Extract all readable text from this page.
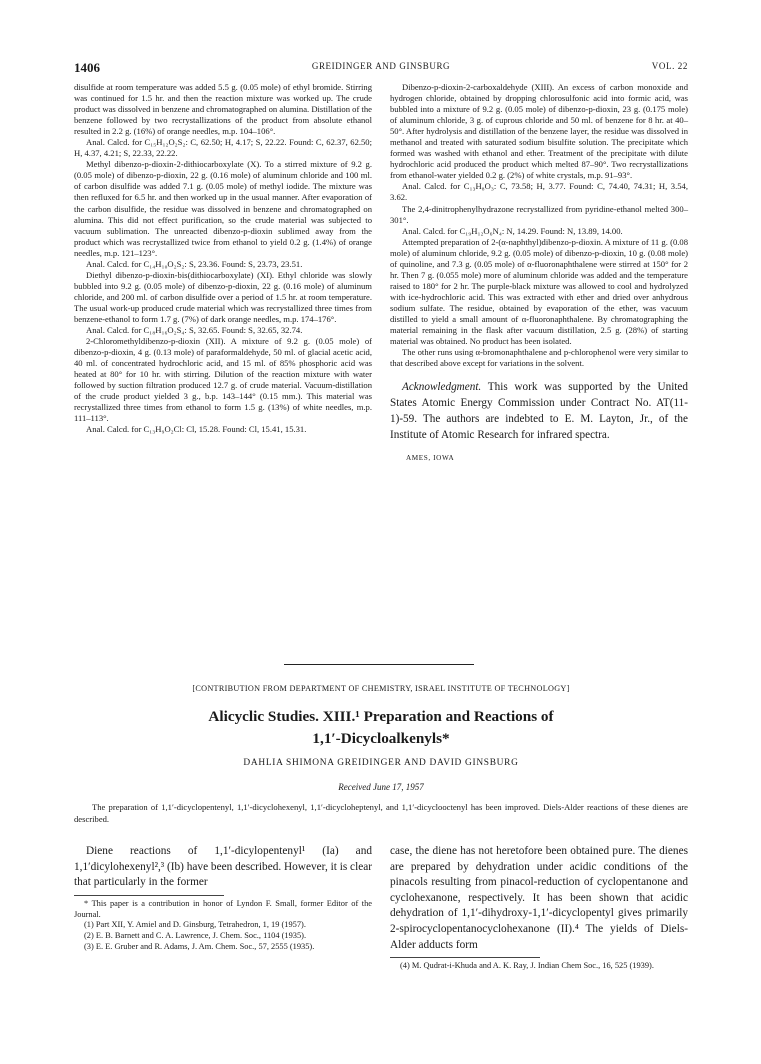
1406	GREIDINGER AND GINSBURG	VOL. 22

disulfide at room temperature was added 5.5 g. (0.05 mole) of ethyl bromide. Stirring was continued for 1.5 hr. and then the reaction mixture was worked up. The crude product was dissolved in benzene and chromatographed on alumina. Distillation of the benzene followed by two recrystallizations of the product from absolute ethanol resulted in 2.2 g. (16%) of orange needles, m.p. 104–106°.

Anal. Calcd. for C₁₅H₁₂O₂S₂: C, 62.50; H, 4.17; S, 22.22. Found: C, 62.37, 62.50; H, 4.37, 4.21; S, 22.33, 22.22.

Methyl dibenzo-p-dioxin-2-dithiocarboxylate (X). To a stirred mixture of 9.2 g. (0.05 mole) of dibenzo-p-dioxin, 22 g. (0.16 mole) of aluminum chloride and 100 ml. of carbon disulfide was added 7.1 g. (0.05 mole) of methyl iodide. The mixture was then refluxed for 6.5 hr. and then worked up in the usual manner. After evaporation of the carbon disulfide, the residue was dissolved in benzene and chromatographed on alumina. This did not effect purification, so the crude material was subjected to vacuum sublimation. The unreacted dibenzo-p-dioxin sublimed away from the product which was recrystallized twice from ethanol to yield 0.2 g. (1.4%) of orange needles, m.p. 121–123°.

Anal. Calcd. for C₁₄H₁₀O₂S₂: S, 23.36. Found: S, 23.73, 23.51.

Diethyl dibenzo-p-dioxin-bis(dithiocarboxylate) (XI). Ethyl chloride was slowly bubbled into 9.2 g. (0.05 mole) of dibenzo-p-dioxin, 22 g. (0.16 mole) of aluminum chloride, and 200 ml. of carbon disulfide over a period of 1.5 hr. at room temperature. The usual work-up produced crude material which was recrystallized three times from benzene-ethanol to form 1.7 g. (7%) of dark orange needles, m.p. 174–176°.

Anal. Calcd. for C₁₈H₁₆O₂S₄: S, 32.65. Found: S, 32.65, 32.74.

2-Chloromethyldibenzo-p-dioxin (XII). A mixture of 9.2 g. (0.05 mole) of dibenzo-p-dioxin, 4 g. (0.13 mole) of paraformaldehyde, 50 ml. of glacial acetic acid, 40 ml. of concentrated hydrochloric acid, and 15 ml. of 85% phosphoric acid was heated at 80° for 10 hr. with stirring. Dilution of the reaction mixture with water followed by suction filtration produced 12.7 g. of crude material. Vacuum-distillation of the crude product yielded 3 g., b.p. 143–144° (0.15 mm.). This material was recrystallized three times from ethanol to form 1.5 g. (13%) of white needles, m.p. 111–113°.

Anal. Calcd. for C₁₃H₉O₂Cl: Cl, 15.28. Found: Cl, 15.41, 15.31.

Dibenzo-p-dioxin-2-carboxaldehyde (XIII). An excess of carbon monoxide and hydrogen chloride, obtained by dropping chlorosulfonic acid into formic acid, was bubbled into a mixture of 9.2 g. (0.05 mole) of dibenzo-p-dioxin, 23 g. (0.175 mole) of aluminum chloride, 3 g. of cuprous chloride and 50 ml. of benzene for 8 hr. at 40–50°. After hydrolysis and distillation of the benzene layer, the residue was dissolved in methanol and treated with saturated sodium bisulfite solution. The precipitate which formed was washed with ethanol and ether. Treatment of the precipitate with dilute hydrochloric acid produced the product which melted 87–90°. Two recrystallizations from ethanol-water yielded 0.2 g. (2%) of white crystals, m.p. 91–93°.

Anal. Calcd. for C₁₃H₈O₃: C, 73.58; H, 3.77. Found: C, 74.40, 74.31; H, 3.54, 3.62.

The 2,4-dinitrophenylhydrazone recrystallized from pyridine-ethanol melted 300–301°.

Anal. Calcd. for C₁₉H₁₂O₆N₄: N, 14.29. Found: N, 13.89, 14.00.

Attempted preparation of 2-(α-naphthyl)dibenzo-p-dioxin. A mixture of 11 g. (0.08 mole) of aluminum chloride, 9.2 g. (0.05 mole) of dibenzo-p-dioxin, 10 g. (0.08 mole) of quinoline, and 7.3 g. (0.05 mole) of α-fluoronaphthalene were stirred at 150° for 2 hr. Then 7 g. (0.055 mole) more of aluminum chloride was added and the temperature raised to 180° for 2 hr. The purple-black mixture was allowed to cool and hydrolyzed with ice-hydrochloric acid. This was extracted with ether and dried over anhydrous sodium sulfate. The residue, obtained by evaporation of the ether, was vacuum distilled to yield a small amount of α-fluoronaphthalene. By chromatographing the material remaining in the flask after vacuum distillation, 2.5 g. (28%) of starting material was obtained. No product has been isolated.

The other runs using α-bromonaphthalene and p-chlorophenol were very similar to that described above except for variations in the solvent.

Acknowledgment. This work was supported by the United States Atomic Energy Commission under Contract No. AT(11-1)-59. The authors are indebted to E. M. Layton, Jr., of the Institute of Atomic Research for infrared spectra.

AMES, IOWA

[CONTRIBUTION FROM DEPARTMENT OF CHEMISTRY, ISRAEL INSTITUTE OF TECHNOLOGY]
Alicyclic Studies. XIII.¹ Preparation and Reactions of
1,1′-Dicycloalkenyls*
DAHLIA SHIMONA GREIDINGER AND DAVID GINSBURG
Received June 17, 1957
The preparation of 1,1′-dicyclopentenyl, 1,1′-dicyclohexenyl, 1,1′-dicycloheptenyl, and 1,1′-dicyclooctenyl has been improved. Diels-Alder reactions of these dienes are described.

Diene reactions of 1,1′-dicylopentenyl¹ (Ia) and 1,1′dicylohexenyl²,³ (Ib) have been described. However, it is clear that particularly in the former

* This paper is a contribution in honor of Lyndon F. Small, former Editor of the Journal.

(1) Part XII, Y. Amiel and D. Ginsburg, Tetrahedron, 1, 19 (1957).

(2) E. B. Barnett and C. A. Lawrence, J. Chem. Soc., 1104 (1935).

(3) E. E. Gruber and R. Adams, J. Am. Chem. Soc., 57, 2555 (1935).

case, the diene has not heretofore been obtained pure. The dienes are prepared by dehydration under acidic conditions of the pinacols resulting from pinacol-reduction of cyclopentanone and cyclohexanone, respectively. It has been shown that acidic dehydration of 1,1′-dihydroxy-1,1′-dicyclopentyl gives primarily 2-spirocyclopentanocyclohexanone (II).⁴ The yields of Diels-Alder adducts form

(4) M. Qudrat-i-Khuda and A. K. Ray, J. Indian Chem Soc., 16, 525 (1939).
